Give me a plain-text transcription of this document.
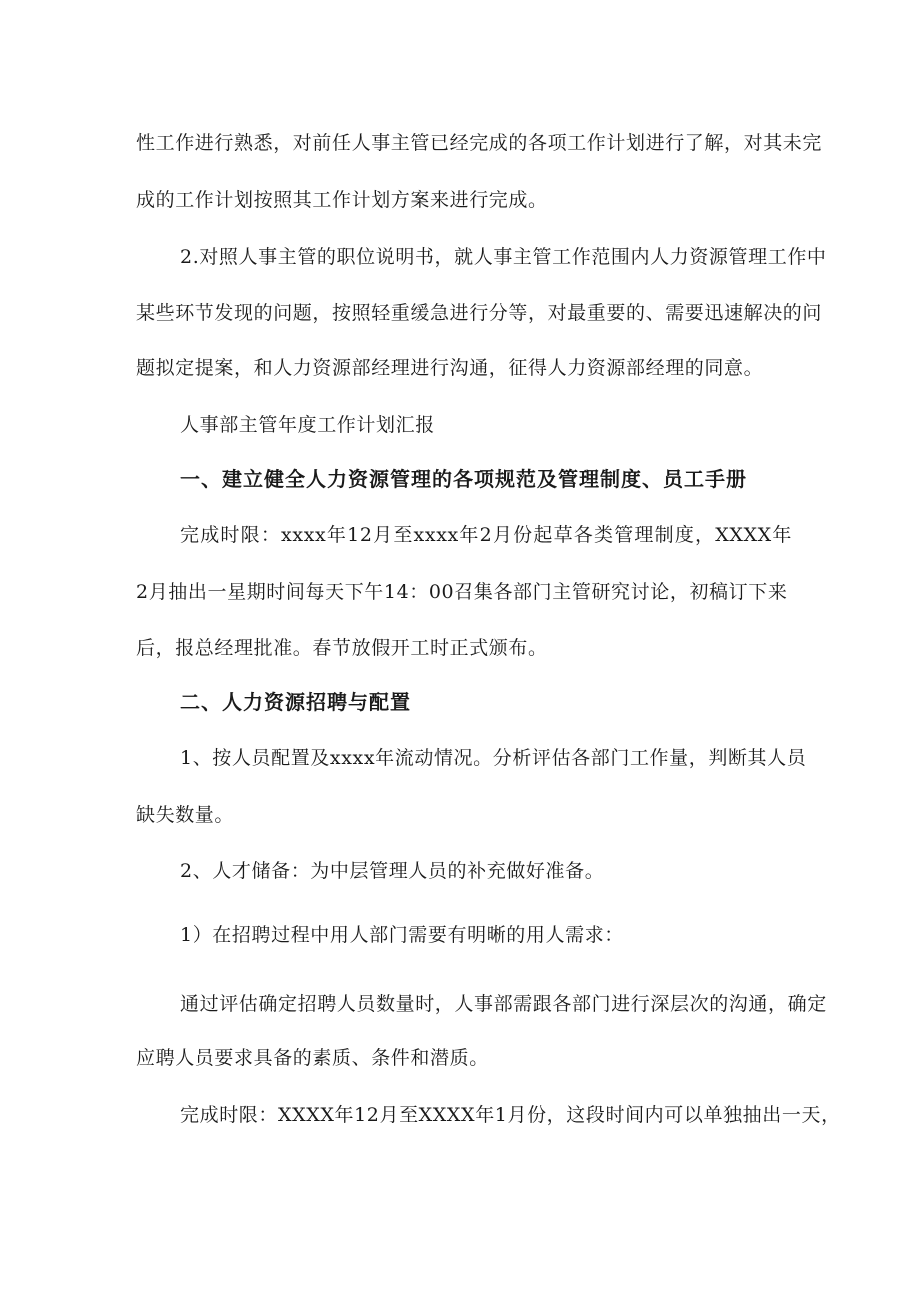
性工作进行熟悉，对前任人事主管已经完成的各项工作计划进行了解，对其未完
成的工作计划按照其工作计划方案来进行完成。
2.对照人事主管的职位说明书，就人事主管工作范围内人力资源管理工作中
某些环节发现的问题，按照轻重缓急进行分等，对最重要的、需要迅速解决的问
题拟定提案，和人力资源部经理进行沟通，征得人力资源部经理的同意。
人事部主管年度工作计划汇报
一、建立健全人力资源管理的各项规范及管理制度、员工手册
完成时限：xxxx年12月至xxxx年2月份起草各类管理制度，XXXX年
2月抽出一星期时间每天下午14：00召集各部门主管研究讨论，初稿订下来
后，报总经理批准。春节放假开工时正式颁布。
二、人力资源招聘与配置
1、按人员配置及xxxx年流动情况。分析评估各部门工作量，判断其人员
缺失数量。
2、人才储备：为中层管理人员的补充做好准备。
1）在招聘过程中用人部门需要有明晰的用人需求：
通过评估确定招聘人员数量时，人事部需跟各部门进行深层次的沟通，确定
应聘人员要求具备的素质、条件和潜质。
完成时限：XXXX年12月至XXXX年1月份，这段时间内可以单独抽出一天，
